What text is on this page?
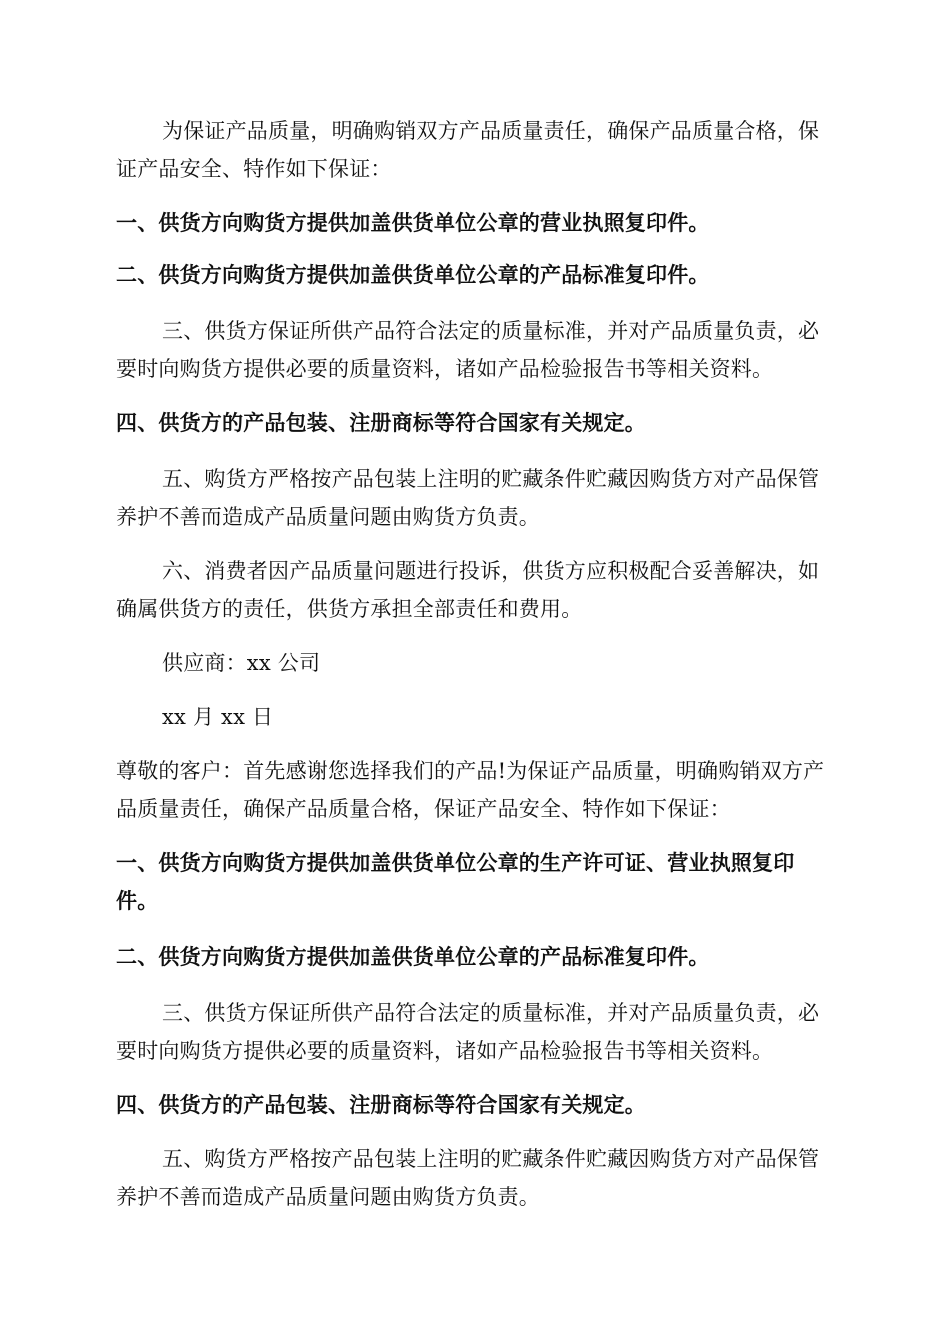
为保证产品质量，明确购销双方产品质量责任，确保产品质量合格，保证产品安全、特作如下保证：

一、供货方向购货方提供加盖供货单位公章的营业执照复印件。

二、供货方向购货方提供加盖供货单位公章的产品标准复印件。

三、供货方保证所供产品符合法定的质量标准，并对产品质量负责，必要时向购货方提供必要的质量资料，诸如产品检验报告书等相关资料。

四、供货方的产品包装、注册商标等符合国家有关规定。

五、购货方严格按产品包装上注明的贮藏条件贮藏因购货方对产品保管养护不善而造成产品质量问题由购货方负责。

六、消费者因产品质量问题进行投诉，供货方应积极配合妥善解决，如确属供货方的责任，供货方承担全部责任和费用。

供应商：xx 公司

xx 月 xx 日

尊敬的客户：首先感谢您选择我们的产品!为保证产品质量，明确购销双方产品质量责任，确保产品质量合格，保证产品安全、特作如下保证：

一、供货方向购货方提供加盖供货单位公章的生产许可证、营业执照复印件。

二、供货方向购货方提供加盖供货单位公章的产品标准复印件。

三、供货方保证所供产品符合法定的质量标准，并对产品质量负责，必要时向购货方提供必要的质量资料，诸如产品检验报告书等相关资料。

四、供货方的产品包装、注册商标等符合国家有关规定。

五、购货方严格按产品包装上注明的贮藏条件贮藏因购货方对产品保管养护不善而造成产品质量问题由购货方负责。
